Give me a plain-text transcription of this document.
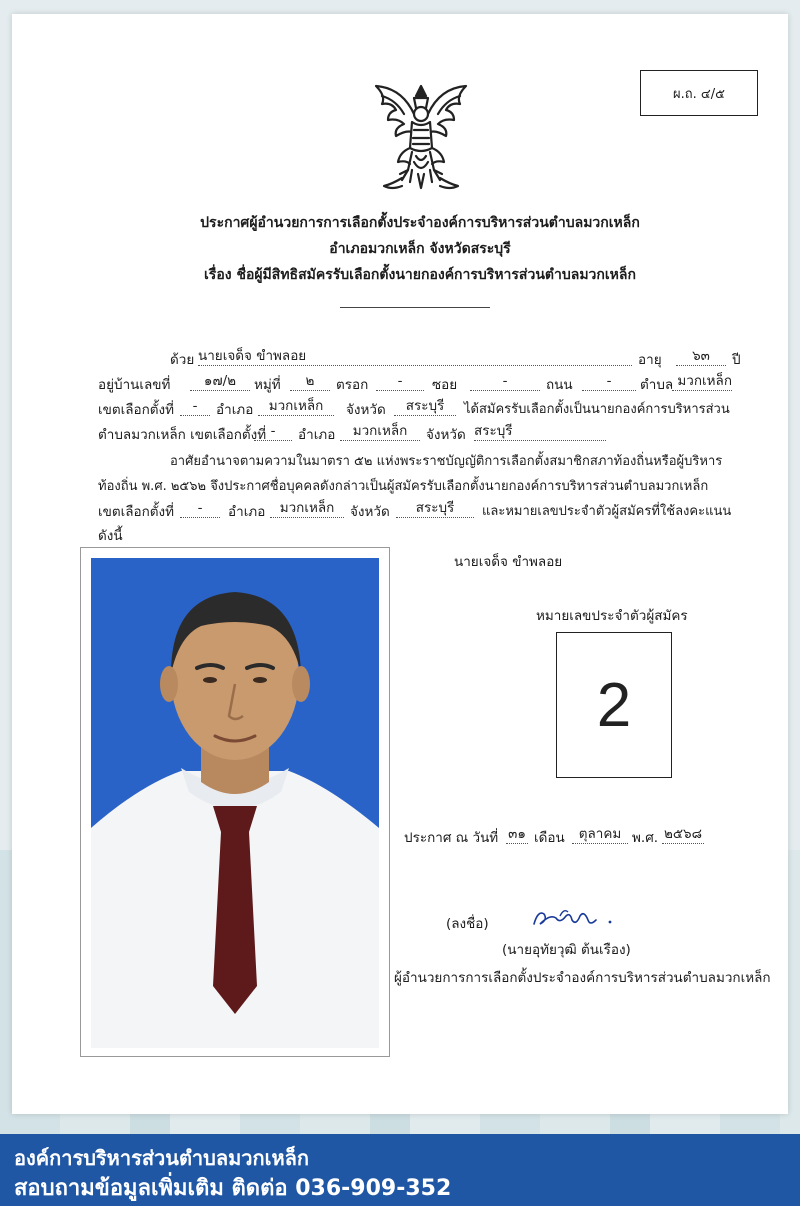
ผ.ถ. ๔/๕
ประกาศผู้อำนวยการการเลือกตั้งประจำองค์การบริหารส่วนตำบลมวกเหล็ก
อำเภอมวกเหล็ก จังหวัดสระบุรี
เรื่อง ชื่อผู้มีสิทธิสมัครรับเลือกตั้งนายกองค์การบริหารส่วนตำบลมวกเหล็ก
ด้วย นายเจด็จ ขำพลอย	อายุ	๖๓	ปี
อยู่บ้านเลขที่	๑๗/๒	หมู่ที่	๒	ตรอก	-	ซอย	-	ถนน	-	ตำบล มวกเหล็ก
เขตเลือกตั้งที่	-	อำเภอ	มวกเหล็ก	จังหวัด	สระบุรี	ได้สมัครรับเลือกตั้งเป็นนายกองค์การบริหารส่วน
ตำบลมวกเหล็ก เขตเลือกตั้งที่ -	อำเภอ	มวกเหล็ก	จังหวัด สระบุรี
อาศัยอำนาจตามความในมาตรา ๕๒ แห่งพระราชบัญญัติการเลือกตั้งสมาชิกสภาท้องถิ่นหรือผู้บริหาร
ท้องถิ่น พ.ศ. ๒๕๖๒ จึงประกาศชื่อบุคคลดังกล่าวเป็นผู้สมัครรับเลือกตั้งนายกองค์การบริหารส่วนตำบลมวกเหล็ก
เขตเลือกตั้งที่	-	อำเภอ	มวกเหล็ก	จังหวัด	สระบุรี	และหมายเลขประจำตัวผู้สมัครที่ใช้ลงคะแนน
ดังนี้
นายเจด็จ ขำพลอย
หมายเลขประจำตัวผู้สมัคร
2
ประกาศ ณ วันที่ ๓๑ เดือน	ตุลาคม พ.ศ. ๒๕๖๘
(ลงชื่อ)
(นายอุทัยวุฒิ ต้นเรือง)
ผู้อำนวยการการเลือกตั้งประจำองค์การบริหารส่วนตำบลมวกเหล็ก
องค์การบริหารส่วนตำบลมวกเหล็ก
สอบถามข้อมูลเพิ่มเติม ติดต่อ 036-909-352
